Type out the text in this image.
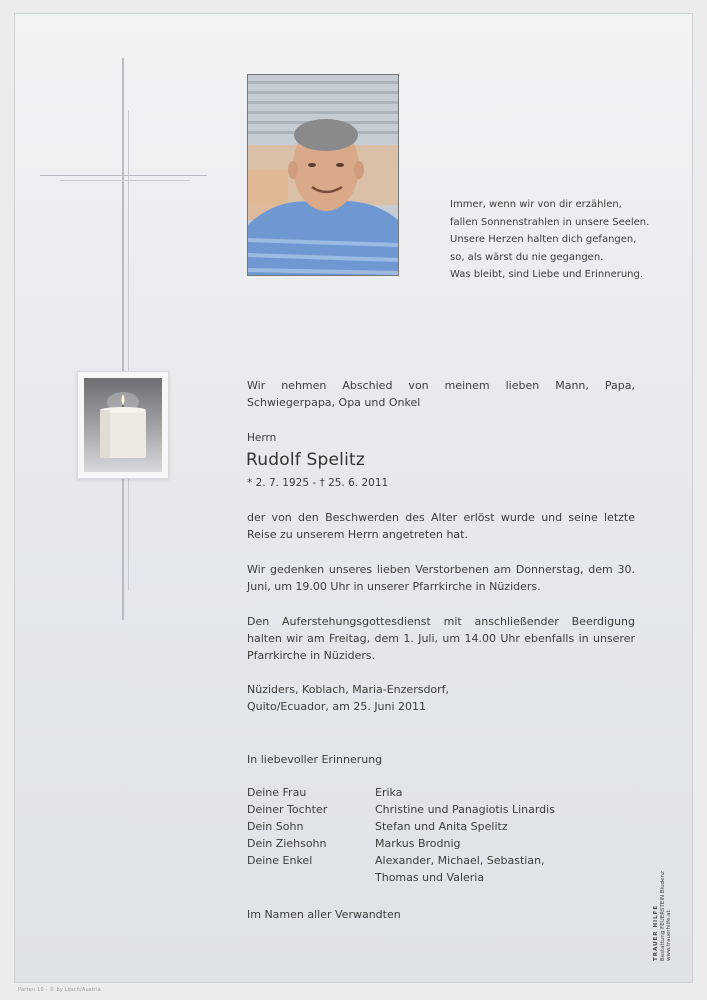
Immer, wenn wir von dir erzählen,
fallen Sonnenstrahlen in unsere Seelen.
Unsere Herzen halten dich gefangen,
so, als wärst du nie gegangen.
Was bleibt, sind Liebe und Erinnerung.
Wir nehmen Abschied von meinem lieben Mann, Papa, Schwiegerpapa, Opa und Onkel
Herrn
Rudolf Spelitz
* 2. 7. 1925 - † 25. 6. 2011
der von den Beschwerden des Alter erlöst wurde und seine letzte Reise zu unserem Herrn angetreten hat.
Wir gedenken unseres lieben Verstorbenen am Donnerstag, dem 30. Juni, um 19.00 Uhr in unserer Pfarrkirche in Nüziders.
Den Auferstehungsgottesdienst mit anschließender Beerdigung halten wir am Freitag, dem 1. Juli, um 14.00 Uhr ebenfalls in unserer Pfarrkirche in Nüziders.
Nüziders, Koblach, Maria-Enzersdorf,
Quito/Ecuador, am 25. Juni 2011
In liebevoller Erinnerung
Deine Frau	Erika
Deiner Tochter	Christine und Panagiotis Linardis
Dein Sohn	Stefan und Anita Spelitz
Dein Ziehsohn	Markus Brodnig
Deine Enkel	Alexander, Michael, Sebastian,
Thomas und Valeria
Im Namen aller Verwandten	TRAUER HILFE Bestattung FEUERSTEIN Bludenz www.trauerhilfe.at
Parten 10 - © by Lösch/Austria
